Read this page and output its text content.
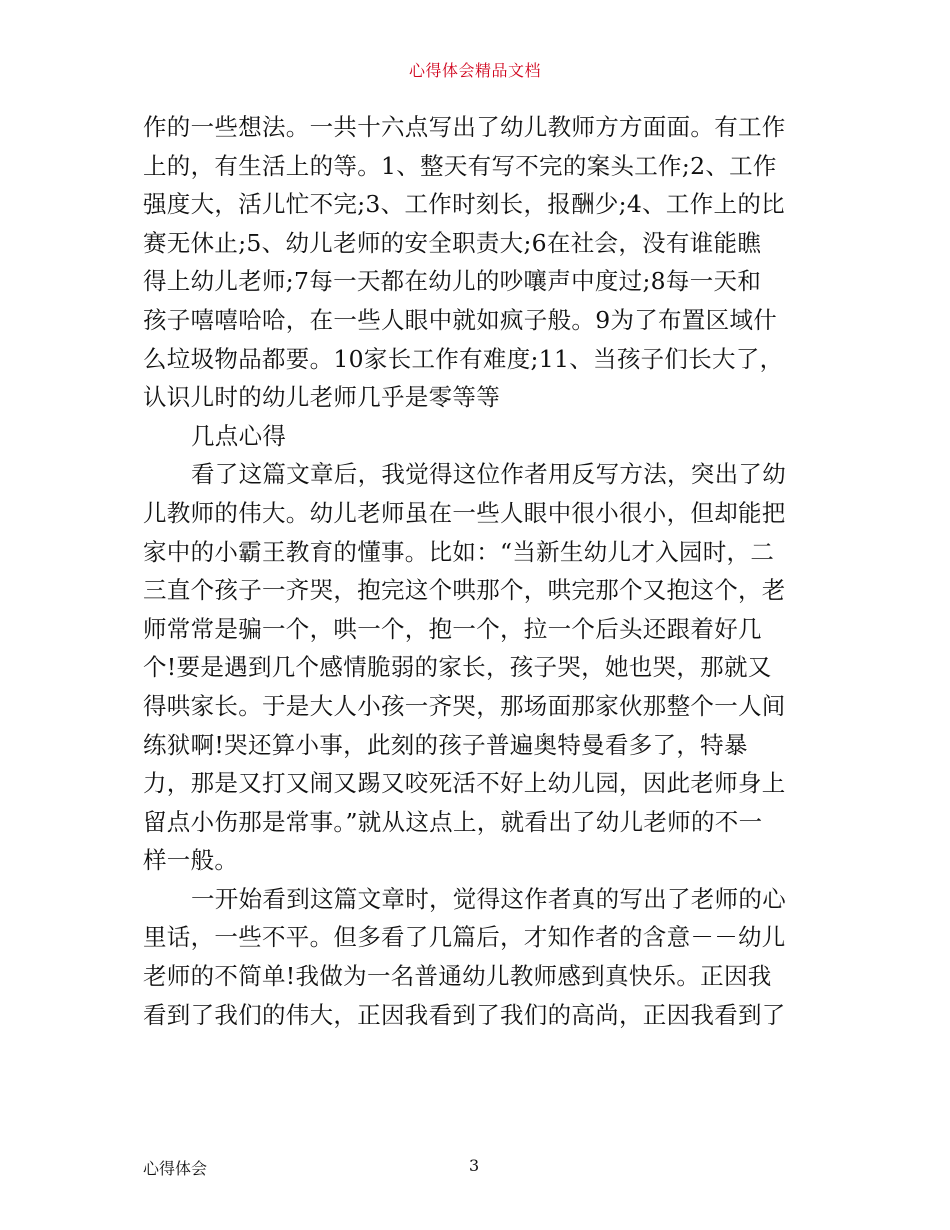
心得体会精品文档
作的一些想法。一共十六点写出了幼儿教师方方面面。有工作
上的，有生活上的等。1、整天有写不完的案头工作;2、工作
强度大，活儿忙不完;3、工作时刻长，报酬少;4、工作上的比
赛无休止;5、幼儿老师的安全职责大;6在社会，没有谁能瞧
得上幼儿老师;7每一天都在幼儿的吵嚷声中度过;8每一天和
孩子嘻嘻哈哈，在一些人眼中就如疯子般。9为了布置区域什
么垃圾物品都要。10家长工作有难度;11、当孩子们长大了，
认识儿时的幼儿老师几乎是零等等
几点心得
看了这篇文章后，我觉得这位作者用反写方法，突出了幼
儿教师的伟大。幼儿老师虽在一些人眼中很小很小，但却能把
家中的小霸王教育的懂事。比如：“当新生幼儿才入园时，二
三直个孩子一齐哭，抱完这个哄那个，哄完那个又抱这个，老
师常常是骗一个，哄一个，抱一个，拉一个后头还跟着好几
个!要是遇到几个感情脆弱的家长，孩子哭，她也哭，那就又
得哄家长。于是大人小孩一齐哭，那场面那家伙那整个一人间
练狱啊!哭还算小事，此刻的孩子普遍奥特曼看多了，特暴
力，那是又打又闹又踢又咬死活不好上幼儿园，因此老师身上
留点小伤那是常事。”就从这点上，就看出了幼儿老师的不一
样一般。
一开始看到这篇文章时，觉得这作者真的写出了老师的心
里话，一些不平。但多看了几篇后，才知作者的含意－－幼儿
老师的不简单!我做为一名普通幼儿教师感到真快乐。正因我
看到了我们的伟大，正因我看到了我们的高尚，正因我看到了
心得体会	3
